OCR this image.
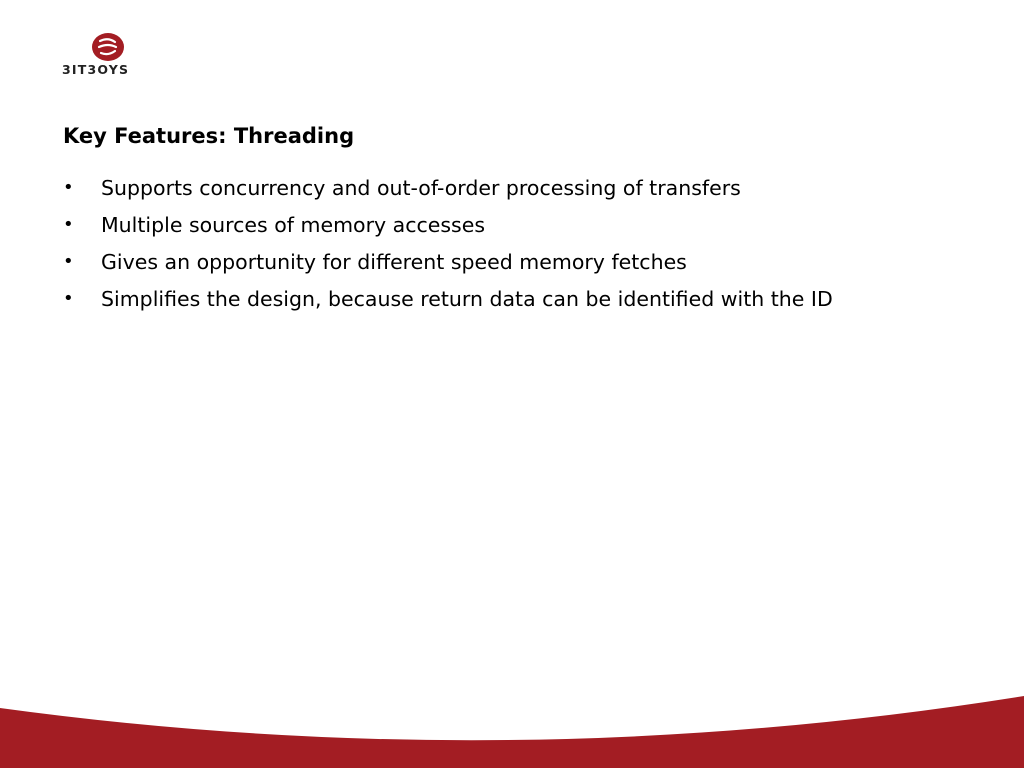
3IT3OYS
Key Features: Threading
• Supports concurrency and out-of-order processing of transfers
• Multiple sources of memory accesses
• Gives an opportunity for different speed memory fetches
• Simplifies the design, because return data can be identified with the ID
